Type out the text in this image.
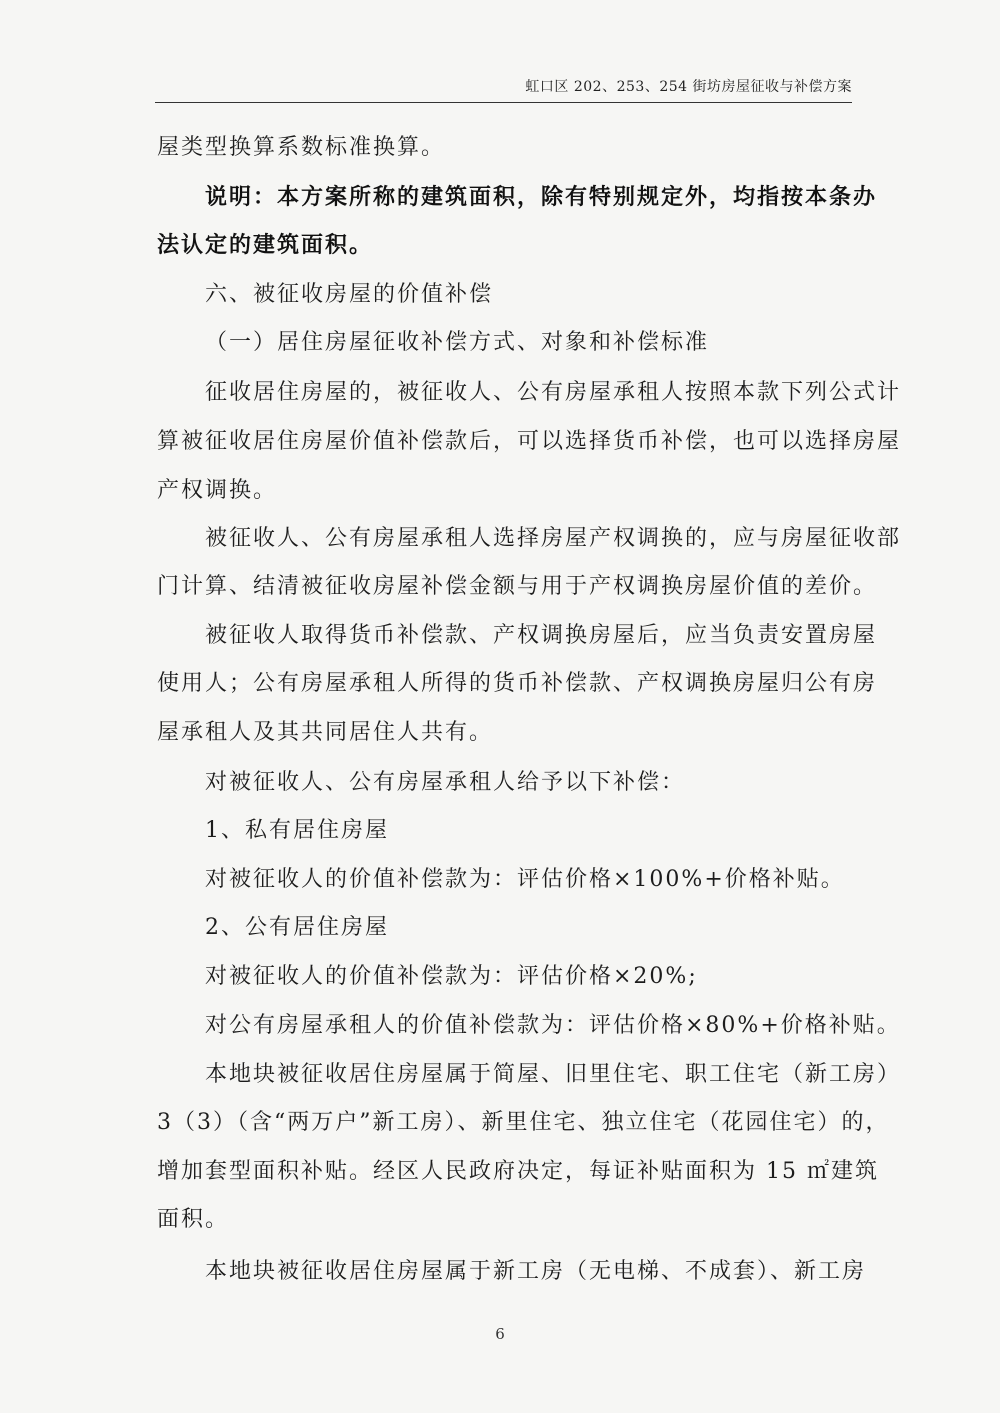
虹口区 202、253、254 街坊房屋征收与补偿方案
屋类型换算系数标准换算。
说明：本方案所称的建筑面积，除有特别规定外，均指按本条办
法认定的建筑面积。
六、被征收房屋的价值补偿
（一）居住房屋征收补偿方式、对象和补偿标准
征收居住房屋的，被征收人、公有房屋承租人按照本款下列公式计
算被征收居住房屋价值补偿款后，可以选择货币补偿，也可以选择房屋
产权调换。
被征收人、公有房屋承租人选择房屋产权调换的，应与房屋征收部
门计算、结清被征收房屋补偿金额与用于产权调换房屋价值的差价。
被征收人取得货币补偿款、产权调换房屋后，应当负责安置房屋
使用人；公有房屋承租人所得的货币补偿款、产权调换房屋归公有房
屋承租人及其共同居住人共有。
对被征收人、公有房屋承租人给予以下补偿：
1、私有居住房屋
对被征收人的价值补偿款为：评估价格×100%+价格补贴。
2、公有居住房屋
对被征收人的价值补偿款为：评估价格×20%;
对公有房屋承租人的价值补偿款为：评估价格×80%+价格补贴。
本地块被征收居住房屋属于简屋、旧里住宅、职工住宅（新工房）
3（3）（含“两万户”新工房）、新里住宅、独立住宅（花园住宅）的，
增加套型面积补贴。经区人民政府决定，每证补贴面积为 15 ㎡建筑
面积。
本地块被征收居住房屋属于新工房（无电梯、不成套）、新工房
6
